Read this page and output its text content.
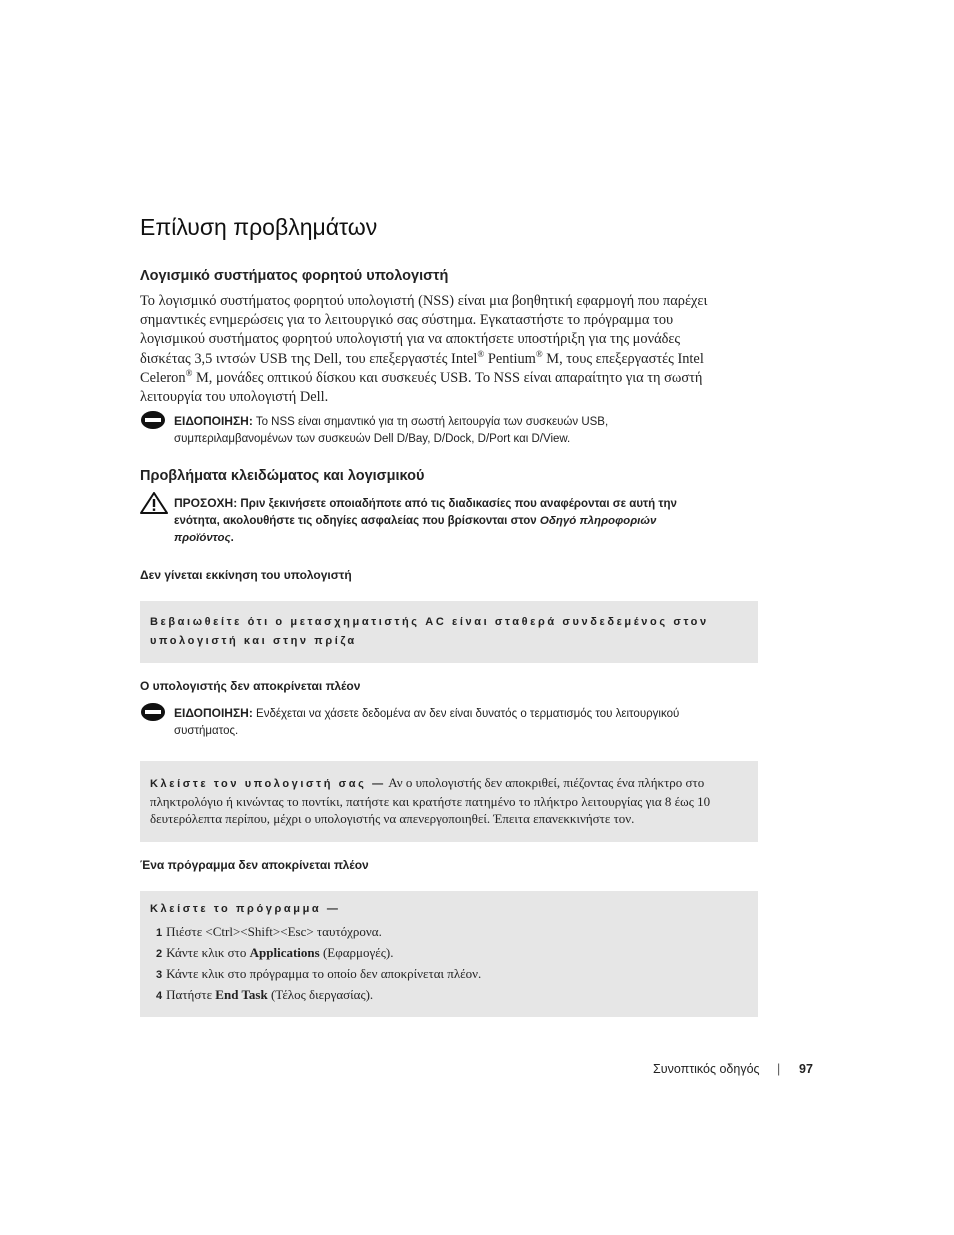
Επίλυση προβλημάτων
Λογισμικό συστήματος φορητού υπολογιστή
Το λογισμικό συστήματος φορητού υπολογιστή (NSS) είναι μια βοηθητική εφαρμογή που παρέχει
σημαντικές ενημερώσεις για το λειτουργικό σας σύστημα. Εγκαταστήστε το πρόγραμμα του
λογισμικού συστήματος φορητού υπολογιστή για να αποκτήσετε υποστήριξη για της μονάδες
δισκέτας 3,5 ιντσών USB της Dell, του επεξεργαστές Intel® Pentium® M, τους επεξεργαστές Intel
Celeron® M, μονάδες οπτικού δίσκου και συσκευές USB. Το NSS είναι απαραίτητο για τη σωστή
λειτουργία του υπολογιστή Dell.
ΕΙΔΟΠΟΙΗΣΗ: Το NSS είναι σημαντικό για τη σωστή λειτουργία των συσκευών USB,
συμπεριλαμβανομένων των συσκευών Dell D/Bay, D/Dock, D/Port και D/View.
Προβλήματα κλειδώματος και λογισμικού
ΠΡΟΣΟΧΗ: Πριν ξεκινήσετε οποιαδήποτε από τις διαδικασίες που αναφέρονται σε αυτή την
ενότητα, ακολουθήστε τις οδηγίες ασφαλείας που βρίσκονται στον Οδηγό πληροφοριών
προϊόντος.
Δεν γίνεται εκκίνηση του υπολογιστή
Βεβαιωθείτε ότι ο μετασχηματιστής AC είναι σταθερά συνδεδεμένος στον
υπολογιστή και στην πρίζα
Ο υπολογιστής δεν αποκρίνεται πλέον
ΕΙΔΟΠΟΙΗΣΗ: Ενδέχεται να χάσετε δεδομένα αν δεν είναι δυνατός ο τερματισμός του λειτουργικού
συστήματος.
Κλείστε τον υπολογιστή σας — Αν ο υπολογιστής δεν αποκριθεί, πιέζοντας ένα πλήκτρο στο
πληκτρολόγιο ή κινώντας το ποντίκι, πατήστε και κρατήστε πατημένο το πλήκτρο λειτουργίας για 8 έως 10
δευτερόλεπτα περίπου, μέχρι ο υπολογιστής να απενεργοποιηθεί. Έπειτα επανεκκινήστε τον.
Ένα πρόγραμμα δεν αποκρίνεται πλέον
Κλείστε το πρόγραμμα —
1 Πιέστε <Ctrl><Shift><Esc> ταυτόχρονα.
2 Κάντε κλικ στο Applications (Εφαρμογές).
3 Κάντε κλικ στο πρόγραμμα το οποίο δεν αποκρίνεται πλέον.
4 Πατήστε End Task (Τέλος διεργασίας).
Συνοπτικός οδηγός | 97
